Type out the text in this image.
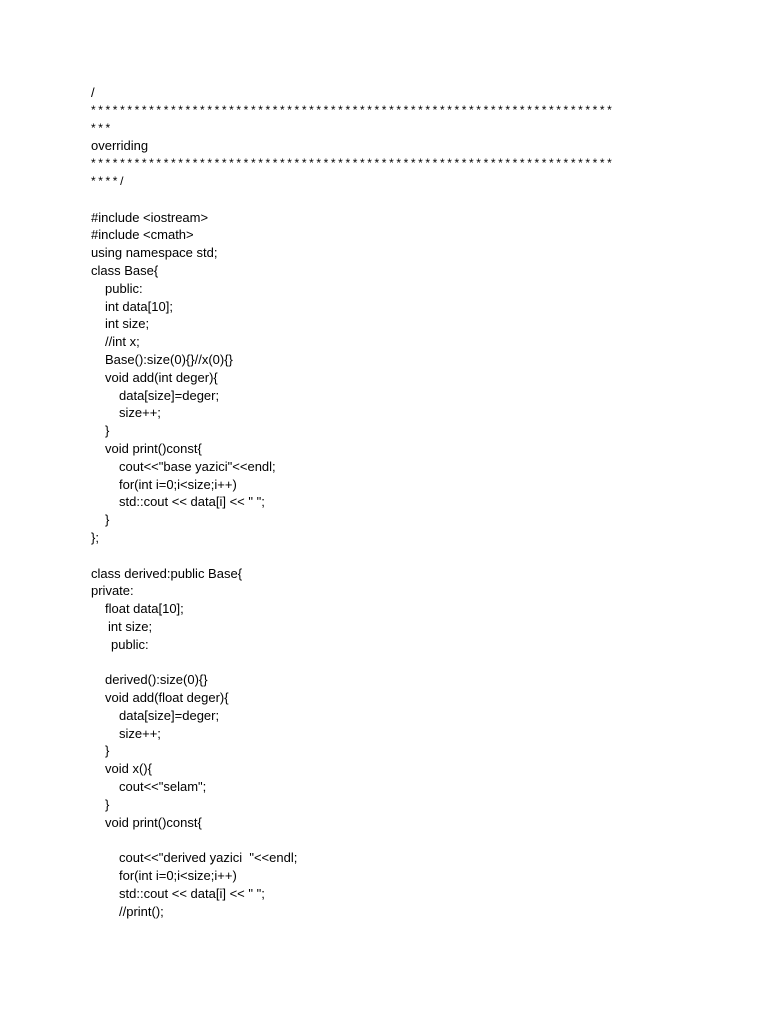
/
************************************************************************
***
overriding
************************************************************************
****/
#include <iostream>
#include <cmath>
using namespace std;
class Base{
public:
int data[10];
int size;
//int x;
Base():size(0){}//x(0){}
void add(int deger){
data[size]=deger;
size++;
}
void print()const{
cout<<"base yazici"<<endl;
for(int i=0;i<size;i++)
std::cout << data[i] << " ";
}
};
class derived:public Base{
private:
float data[10];
int size;
public:
derived():size(0){}
void add(float deger){
data[size]=deger;
size++;
}
void x(){
cout<<"selam";
}
void print()const{
cout<<"derived yazici  "<<endl;
for(int i=0;i<size;i++)
std::cout << data[i] << " ";
//print();
